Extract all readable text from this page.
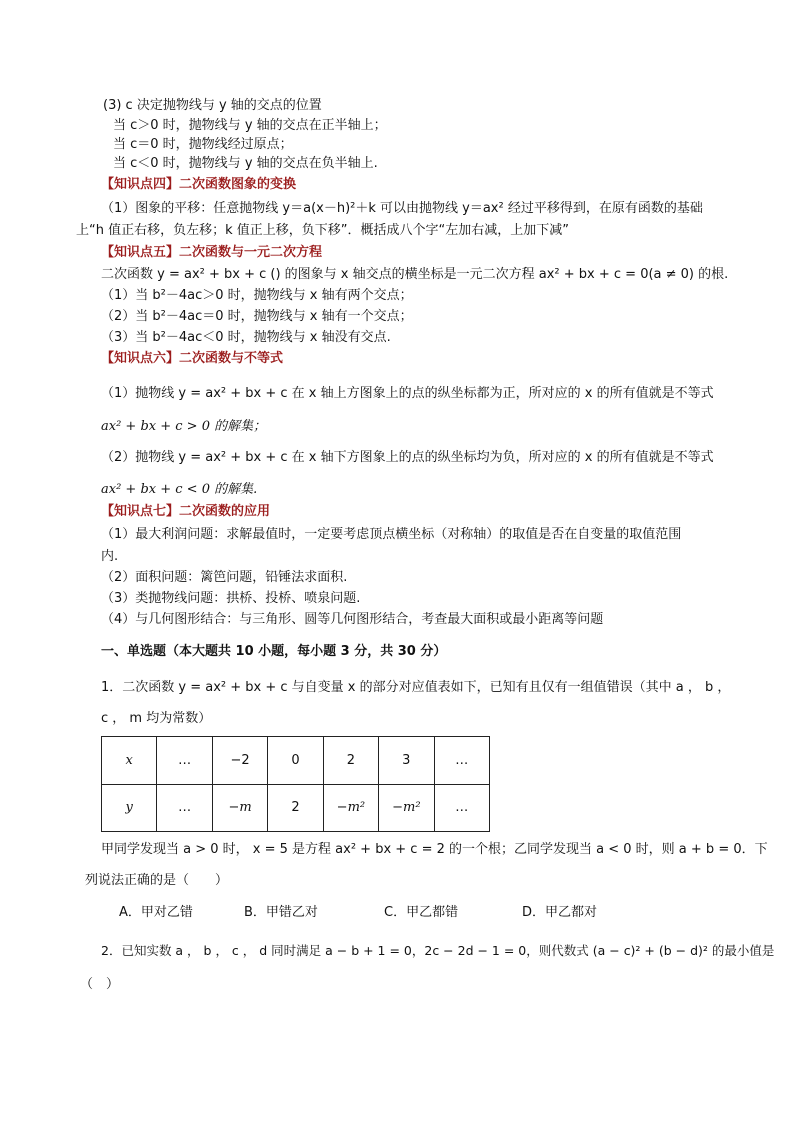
(3) c 决定抛物线与 y 轴的交点的位置
当 c＞0 时，抛物线与 y 轴的交点在正半轴上；
当 c＝0 时，抛物线经过原点；
当 c＜0 时，抛物线与 y 轴的交点在负半轴上.
【知识点四】二次函数图象的变换
（1）图象的平移：任意抛物线 y＝a(x－h)²＋k 可以由抛物线 y＝ax² 经过平移得到，在原有函数的基础
上“h 值正右移，负左移；k 值正上移，负下移”．概括成八个字“左加右减，上加下减”
【知识点五】二次函数与一元二次方程
二次函数 y = ax² + bx + c () 的图象与 x 轴交点的横坐标是一元二次方程 ax² + bx + c = 0(a ≠ 0) 的根.
（1）当 b²－4ac＞0 时，抛物线与 x 轴有两个交点；
（2）当 b²－4ac＝0 时，抛物线与 x 轴有一个交点；
（3）当 b²－4ac＜0 时，抛物线与 x 轴没有交点.
【知识点六】二次函数与不等式
（1）抛物线 y = ax² + bx + c 在 x 轴上方图象上的点的纵坐标都为正，所对应的 x 的所有值就是不等式
ax² + bx + c > 0 的解集；
（2）抛物线 y = ax² + bx + c 在 x 轴下方图象上的点的纵坐标均为负，所对应的 x 的所有值就是不等式
ax² + bx + c < 0 的解集.
【知识点七】二次函数的应用
（1）最大利润问题：求解最值时，一定要考虑顶点横坐标（对称轴）的取值是否在自变量的取值范围
内.
（2）面积问题：篱笆问题，铅锤法求面积.
（3）类抛物线问题：拱桥、投桥、喷泉问题.
（4）与几何图形结合：与三角形、圆等几何图形结合，考查最大面积或最小距离等问题
一、单选题（本大题共 10 小题，每小题 3 分，共 30 分）
1．二次函数 y = ax² + bx + c 与自变量 x 的部分对应值表如下，已知有且仅有一组值错误（其中 a ， b ，
c ， m 均为常数）
x	…	−2	0	2	3	…
y	…	−m	2	−m²	−m²	…
甲同学发现当 a > 0 时， x = 5 是方程 ax² + bx + c = 2 的一个根；乙同学发现当 a < 0 时，则 a + b = 0．下
列说法正确的是（　　）
A．甲对乙错	B．甲错乙对	C．甲乙都错	D．甲乙都对
2．已知实数 a ， b ， c ， d 同时满足 a − b + 1 = 0，2c − 2d − 1 = 0，则代数式 (a − c)² + (b − d)² 的最小值是
（　）
